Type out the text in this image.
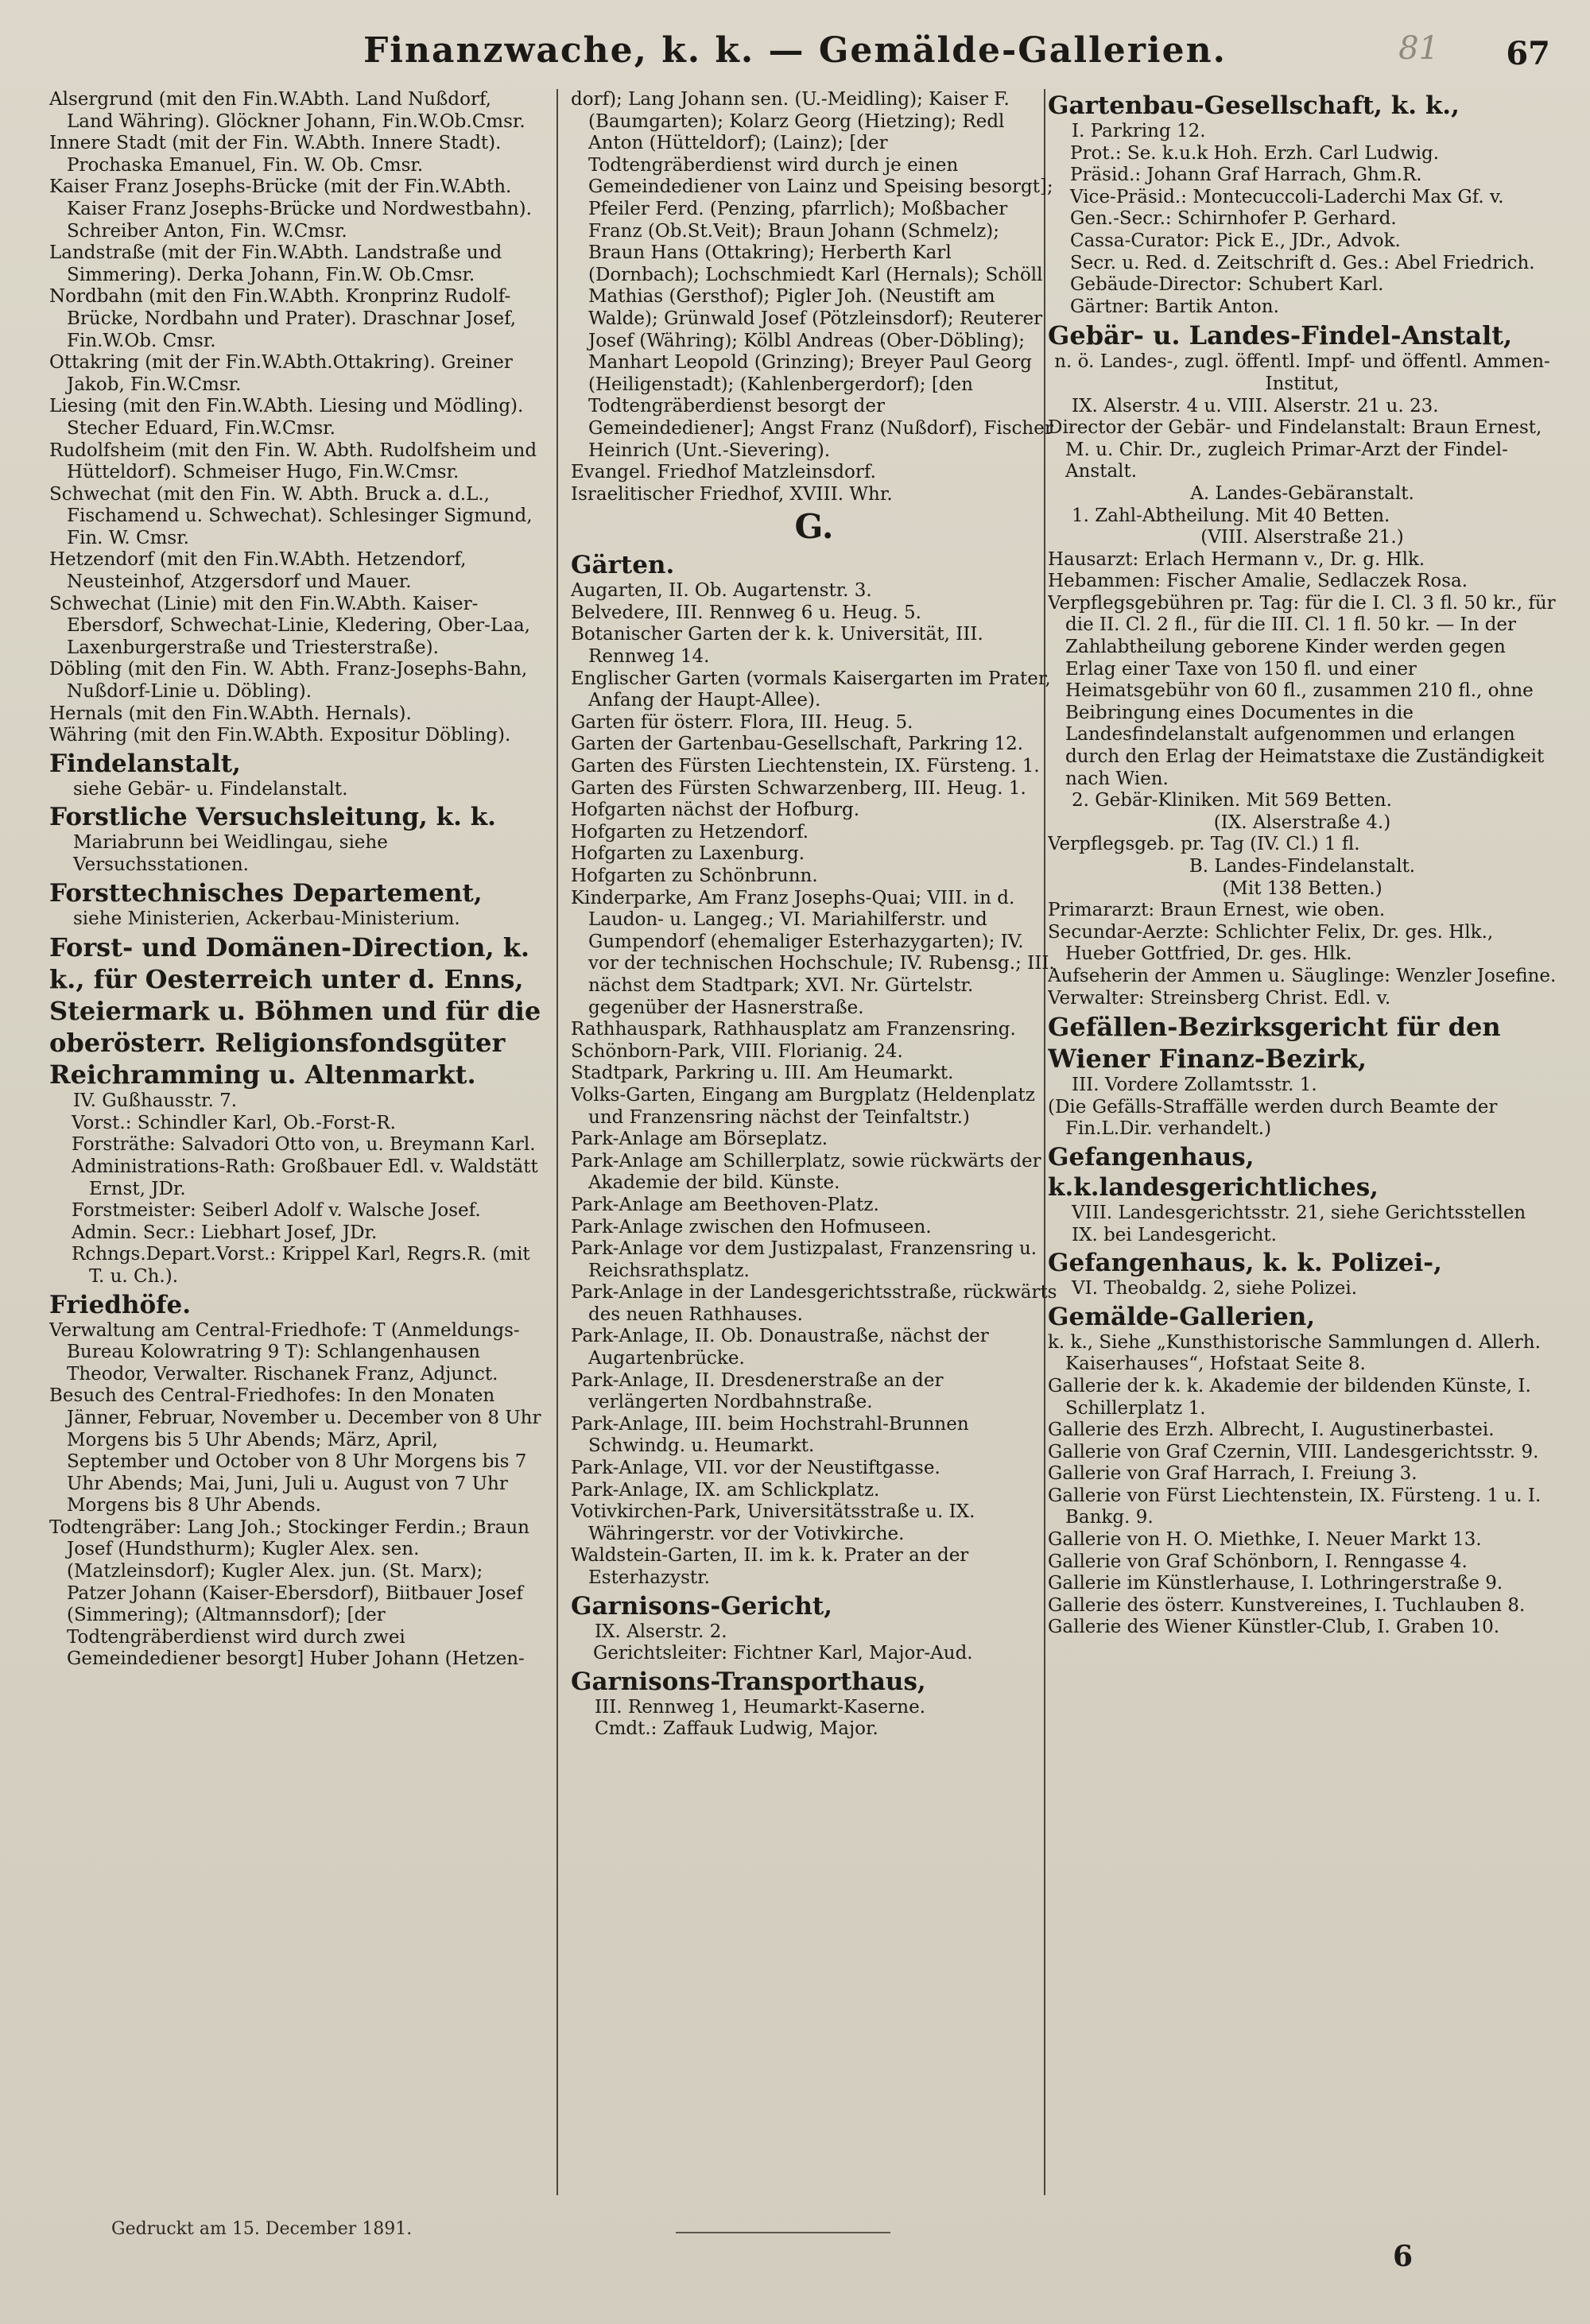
Finanzwache, k. k. — Gemälde-Gallerien.	81 67

Alsergrund (mit den Fin.W.Abth. Land Nußdorf, Land Währing). Glöckner Johann, Fin.W.Ob.Cmsr.

Innere Stadt (mit der Fin. W.Abth. Innere Stadt). Prochaska Emanuel, Fin. W. Ob. Cmsr.

Kaiser Franz Josephs-Brücke (mit der Fin.W.Abth. Kaiser Franz Josephs-Brücke und Nordwestbahn). Schreiber Anton, Fin. W.Cmsr.

Landstraße (mit der Fin.W.Abth. Landstraße und Simmering). Derka Johann, Fin.W. Ob.Cmsr.

Nordbahn (mit den Fin.W.Abth. Kronprinz Rudolf-Brücke, Nordbahn und Prater). Draschnar Josef, Fin.W.Ob. Cmsr.

Ottakring (mit der Fin.W.Abth.Ottakring). Greiner Jakob, Fin.W.Cmsr.

Liesing (mit den Fin.W.Abth. Liesing und Mödling). Stecher Eduard, Fin.W.Cmsr.

Rudolfsheim (mit den Fin. W. Abth. Rudolfsheim und Hütteldorf). Schmeiser Hugo, Fin.W.Cmsr.

Schwechat (mit den Fin. W. Abth. Bruck a. d.L., Fischamend u. Schwechat). Schlesinger Sigmund, Fin. W. Cmsr.

Hetzendorf (mit den Fin.W.Abth. Hetzendorf, Neusteinhof, Atzgersdorf und Mauer.

Schwechat (Linie) mit den Fin.W.Abth. Kaiser-Ebersdorf, Schwechat-Linie, Kledering, Ober-Laa, Laxenburgerstraße und Triesterstraße).

Döbling (mit den Fin. W. Abth. Franz-Josephs-Bahn, Nußdorf-Linie u. Döbling).

Hernals (mit den Fin.W.Abth. Hernals).

Währing (mit den Fin.W.Abth. Expositur Döbling).

Findelanstalt,

siehe Gebär- u. Findelanstalt.

Forstliche Versuchsleitung, k. k.

Mariabrunn bei Weidlingau, siehe Versuchsstationen.

Forsttechnisches Departement,

siehe Ministerien, Ackerbau-Ministerium.

Forst- und Domänen-Direction, k. k., für Oesterreich unter d. Enns, Steiermark u. Böhmen und für die oberösterr. Religionsfondsgüter Reichramming u. Altenmarkt.

IV. Gußhausstr. 7.

Vorst.: Schindler Karl, Ob.-Forst-R.

Forsträthe: Salvadori Otto von, u. Breymann Karl.

Administrations-Rath: Großbauer Edl. v. Waldstätt Ernst, JDr.

Forstmeister: Seiberl Adolf v. Walsche Josef.

Admin. Secr.: Liebhart Josef, JDr.

Rchngs.Depart.Vorst.: Krippel Karl, Regrs.R. (mit T. u. Ch.).

Friedhöfe.

Verwaltung am Central-Friedhofe: T (Anmeldungs-Bureau Kolowratring 9 T): Schlangenhausen Theodor, Verwalter. Rischanek Franz, Adjunct.

Besuch des Central-Friedhofes: In den Monaten Jänner, Februar, November u. December von 8 Uhr Morgens bis 5 Uhr Abends; März, April, September und October von 8 Uhr Morgens bis 7 Uhr Abends; Mai, Juni, Juli u. August von 7 Uhr Morgens bis 8 Uhr Abends.

Todtengräber: Lang Joh.; Stockinger Ferdin.; Braun Josef (Hundsthurm); Kugler Alex. sen. (Matzleinsdorf); Kugler Alex. jun. (St. Marx); Patzer Johann (Kaiser-Ebersdorf), Biitbauer Josef (Simmering); (Altmannsdorf); [der Todtengräberdienst wird durch zwei Gemeindediener besorgt] Huber Johann (Hetzen-

dorf); Lang Johann sen. (U.-Meidling); Kaiser F. (Baumgarten); Kolarz Georg (Hietzing); Redl Anton (Hütteldorf); (Lainz); [der Todtengräberdienst wird durch je einen Gemeindediener von Lainz und Speising besorgt]; Pfeiler Ferd. (Penzing, pfarrlich); Moßbacher Franz (Ob.St.Veit); Braun Johann (Schmelz); Braun Hans (Ottakring); Herberth Karl (Dornbach); Lochschmiedt Karl (Hernals); Schöll Mathias (Gersthof); Pigler Joh. (Neustift am Walde); Grünwald Josef (Pötzleinsdorf); Reuterer Josef (Währing); Kölbl Andreas (Ober-Döbling); Manhart Leopold (Grinzing); Breyer Paul Georg (Heiligenstadt); (Kahlenbergerdorf); [den Todtengräberdienst besorgt der Gemeindediener]; Angst Franz (Nußdorf), Fischer Heinrich (Unt.-Sievering).

Evangel. Friedhof Matzleinsdorf.

Israelitischer Friedhof, XVIII. Whr.

G.

Gärten.

Augarten, II. Ob. Augartenstr. 3.

Belvedere, III. Rennweg 6 u. Heug. 5.

Botanischer Garten der k. k. Universität, III. Rennweg 14.

Englischer Garten (vormals Kaisergarten im Prater, Anfang der Haupt-Allee).

Garten für österr. Flora, III. Heug. 5.

Garten der Gartenbau-Gesellschaft, Parkring 12.

Garten des Fürsten Liechtenstein, IX. Fürsteng. 1.

Garten des Fürsten Schwarzenberg, III. Heug. 1.

Hofgarten nächst der Hofburg.

Hofgarten zu Hetzendorf.

Hofgarten zu Laxenburg.

Hofgarten zu Schönbrunn.

Kinderparke, Am Franz Josephs-Quai; VIII. in d. Laudon- u. Langeg.; VI. Mariahilferstr. und Gumpendorf (ehemaliger Esterhazygarten); IV. vor der technischen Hochschule; IV. Rubensg.; III. nächst dem Stadtpark; XVI. Nr. Gürtelstr. gegenüber der Hasnerstraße.

Rathhauspark, Rathhausplatz am Franzensring.

Schönborn-Park, VIII. Florianig. 24.

Stadtpark, Parkring u. III. Am Heumarkt.

Volks-Garten, Eingang am Burgplatz (Heldenplatz und Franzensring nächst der Teinfaltstr.)

Park-Anlage am Börseplatz.

Park-Anlage am Schillerplatz, sowie rückwärts der Akademie der bild. Künste.

Park-Anlage am Beethoven-Platz.

Park-Anlage zwischen den Hofmuseen.

Park-Anlage vor dem Justizpalast, Franzensring u. Reichsrathsplatz.

Park-Anlage in der Landesgerichtsstraße, rückwärts des neuen Rathhauses.

Park-Anlage, II. Ob. Donaustraße, nächst der Augartenbrücke.

Park-Anlage, II. Dresdenerstraße an der verlängerten Nordbahnstraße.

Park-Anlage, III. beim Hochstrahl-Brunnen Schwindg. u. Heumarkt.

Park-Anlage, VII. vor der Neustiftgasse.

Park-Anlage, IX. am Schlickplatz.

Votivkirchen-Park, Universitätsstraße u. IX. Währingerstr. vor der Votivkirche.

Waldstein-Garten, II. im k. k. Prater an der Esterhazystr.

Garnisons-Gericht,

IX. Alserstr. 2.

Gerichtsleiter: Fichtner Karl, Major-Aud.

Garnisons-Transporthaus,

III. Rennweg 1, Heumarkt-Kaserne.

Cmdt.: Zaffauk Ludwig, Major.

Gartenbau-Gesellschaft, k. k.,

I. Parkring 12.

Prot.: Se. k.u.k Hoh. Erzh. Carl Ludwig.

Präsid.: Johann Graf Harrach, Ghm.R.

Vice-Präsid.: Montecuccoli-Laderchi Max Gf. v.

Gen.-Secr.: Schirnhofer P. Gerhard.

Cassa-Curator: Pick E., JDr., Advok.

Secr. u. Red. d. Zeitschrift d. Ges.: Abel Friedrich.

Gebäude-Director: Schubert Karl.

Gärtner: Bartik Anton.

Gebär- u. Landes-Findel-Anstalt,

n. ö. Landes-, zugl. öffentl. Impf- und öffentl. Ammen-Institut,

IX. Alserstr. 4 u. VIII. Alserstr. 21 u. 23.

Director der Gebär- und Findelanstalt: Braun Ernest, M. u. Chir. Dr., zugleich Primar-Arzt der Findel-Anstalt.

A. Landes-Gebäranstalt.

1. Zahl-Abtheilung. Mit 40 Betten.

(VIII. Alserstraße 21.)

Hausarzt: Erlach Hermann v., Dr. g. Hlk.

Hebammen: Fischer Amalie, Sedlaczek Rosa.

Verpflegsgebühren pr. Tag: für die I. Cl. 3 fl. 50 kr., für die II. Cl. 2 fl., für die III. Cl. 1 fl. 50 kr. — In der Zahlabtheilung geborene Kinder werden gegen Erlag einer Taxe von 150 fl. und einer Heimatsgebühr von 60 fl., zusammen 210 fl., ohne Beibringung eines Documentes in die Landesfindelanstalt aufgenommen und erlangen durch den Erlag der Heimatstaxe die Zuständigkeit nach Wien.

2. Gebär-Kliniken. Mit 569 Betten.

(IX. Alserstraße 4.)

Verpflegsgeb. pr. Tag (IV. Cl.) 1 fl.

B. Landes-Findelanstalt.

(Mit 138 Betten.)

Primararzt: Braun Ernest, wie oben.

Secundar-Aerzte: Schlichter Felix, Dr. ges. Hlk., Hueber Gottfried, Dr. ges. Hlk.

Aufseherin der Ammen u. Säuglinge: Wenzler Josefine.

Verwalter: Streinsberg Christ. Edl. v.

Gefällen-Bezirksgericht für den Wiener Finanz-Bezirk,

III. Vordere Zollamtsstr. 1.

(Die Gefälls-Straffälle werden durch Beamte der Fin.L.Dir. verhandelt.)

Gefangenhaus, k.k.landesgerichtliches,

VIII. Landesgerichtsstr. 21, siehe Gerichtsstellen IX. bei Landesgericht.

Gefangenhaus, k. k. Polizei-,

VI. Theobaldg. 2, siehe Polizei.

Gemälde-Gallerien,

k. k., Siehe „Kunsthistorische Sammlungen d. Allerh. Kaiserhauses“, Hofstaat Seite 8.

Gallerie der k. k. Akademie der bildenden Künste, I. Schillerplatz 1.

Gallerie des Erzh. Albrecht, I. Augustinerbastei.

Gallerie von Graf Czernin, VIII. Landesgerichtsstr. 9.

Gallerie von Graf Harrach, I. Freiung 3.

Gallerie von Fürst Liechtenstein, IX. Fürsteng. 1 u. I. Bankg. 9.

Gallerie von H. O. Miethke, I. Neuer Markt 13.

Gallerie von Graf Schönborn, I. Renngasse 4.

Gallerie im Künstlerhause, I. Lothringerstraße 9.

Gallerie des österr. Kunstvereines, I. Tuchlauben 8.

Gallerie des Wiener Künstler-Club, I. Graben 10.

Gedruckt am 15. December 1891.
6
